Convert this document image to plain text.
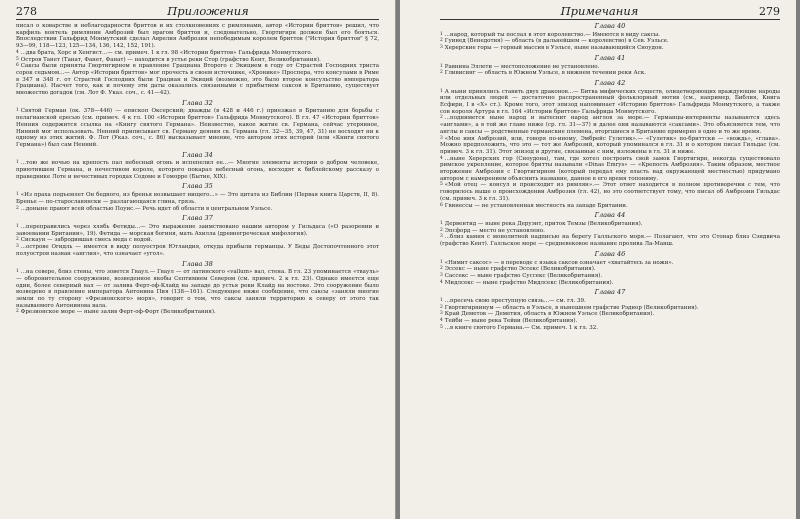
278	Приложения

писал о коварстве и неблагодарности бриттов и их столкновениях с римлянами, автор «Истории бриттов» решил, что карфиль вонтель римлянин Амброзий был врагом бриттов и, следовательно, Гвортигирн должен был его бояться. Впоследствии Гальфрид Монмутский сделал Аврелия Амброзия непобедимым королем бриттов ("История бриттов" § 72, 93—99, 118—123, 125—134, 136, 142, 152, 191).

$^4$ ...два брата, Хорс и Хенгист...— см. примеч. 1 к гл. 98 «Истории бриттов» Гальфрида Монмутского.

$^5$ Остров Танет (Танат, Фанет, Фанат) — находится в устье реки Стор (графство Кент, Великобритания).

$^6$ Саксы были приняты Гвортигирном в правление Грациана Второго с Экицием в году от Страстей Господних триста сорок седьмом...— Автор «Истории бриттов» мог прочесть в своем источнике, «Хронике» Проспера, что консулами в Риме в 347 и 348 г. от Страстей Господних были Грациан и Экиций (возможно, это было второе консульство императора Грациана). Насчет того, как и почему эти даты оказались связанными с прибытием саксов в Британию, существует множество догадок (см. Лот Ф. Указ. соч., с. 41—42).

Глава 32

$^1$ Святой Герман (ок. 378—446) — епископ Оксерский; дважды (в 428 и 446 г.) приезжал в Британию для борьбы с пелагианской ересью (см. примеч. 4 к гл. 100 «Истории бриттов» Гальфрида Монмутского). В гл. 47 «Истории бриттов» Ненния содержится ссылка на «Книгу святого Германа». Неизвестно, какое житие св. Германа, сейчас утерянное, Нинний мог использовать. Ненний приписывает св. Герману деяния св. Германа (гл. 32—35, 39, 47, 31) не восходят ни к одному из этих житий. Ф. Лот (Указ. соч., с. 86) высказывает мнение, что автором этих историй (или «Книги святого Германа») был сам Ненний.

Глава 34

$^1$ ...тою же ночью на крепость пал небесный огонь и испепелил ее...— Многие элементы истории о добром человеке, приютившем Германа, и нечестивом короле, которого покарал небесный огонь, восходят к библейскому рассказу о праведнике Лоте и нечестивых городах Содоме и Гоморре (Бытие, XIX).

Глава 35

$^1$ «Из праха подъемлет Он бедного, из бренья возвышает нищего...» — Это цитата из Библии (Первая книга Царств, II, 8). Бренье — по-старославянски — разлагающаяся глина, грязь.

$^2$ ...доныне правят всей областью Поуис.— Речь идет об области в центральном Уэльсе.

Глава 37

$^1$ ...переправились через хлябь Фетиды...— Это выражение заимствовано нашим автором у Гильдаса («О разорении и завоевании Британии», 19). Фетида — морская богиня, мать Ахилла (древнегреческая мифология).

$^2$ Сискаун — забродившая смесь меда с водой.

$^3$ ...острове Огидль — имеется в виду полуостров Ютландия, откуда прибыли германцы. У Беды Достопочтенного этот полуостров назван «англия», что означает «угол».

Глава 38

$^1$ ...на севере, близ стены, что зовется Гваул.— Гваул — от латинского «vallum» вал, стена. В гл. 23 упоминается «твауль» — оборонительное сооружение, возведенное якобы Септимием Севером (см. примеч. 2 к гл. 23). Однако имеется еще один, более северный вал — от залива Ферт-оф-Клайд на западе до устья реки Клайд на востоке. Это сооружение было возведено в правление императора Антонина Пия (138—161). Следующее ниже сообщение, что саксы «заняли многие земли по ту сторону «Фрезионского» моря», говорит о том, что саксы заняли территорию к северу от этого так называемого Антонинова вала.

$^2$ Фрезионское море — ныне залив Ферт-оф-Форт (Великобритания).

Примечания	279
Глава 40

$^1$ ...народ, который ты послал в этот королевство.— Имеются в виду саксы.

$^2$ Гуинед (Венедотия) — область (в дальнейшем — королевство) в Сев. Уэльсе.

$^3$ Херерские горы — горный массив в Уэльсе, ныне называющийся Сноудон.

Глава 41

$^1$ Равнина Эллети — местоположение не установлено.

$^2$ Гливисинг — область в Южном Уэльсе, в нижнем течении реки Аск.

Глава 42

$^1$ А ныни принялись ставить двух драконов...— Битва мифических существ, олицетворяющих враждующие народы или отдельных людей — достаточно распространенный фольклорный мотив (см., например, Библия, Книга Есфири, I в «Х» ст.). Кроме того, этот эпизод напоминает «Историю бриттов» Гальфрида Монмутского, а также сон короля Артура в гл. 164 «Истории бриттов» Гальфрида Монмутского.

$^2$ ...поднимется ныне народ и вытеснит народ англов за море.— Германцы-интервенты называются здесь «англами», а в той же главе ниже (ср. гл. 31—37) и далее они называются «саксами». Это объясняется тем, что англы и саксы — родственные германские племена, вторгшиеся в Британию примерно в одно и то же время.

$^3$ «Мое имя Амброзий, или, говоря по-иному, Эмбрейс Гулетик».— «Гулетик» по-бриттски — «вождь», «глава». Можно предположить, что это — тот же Амброзий, который упоминался в гл. 31 и о котором писал Гильдас (см. примеч. 3 к гл. 31). Этот эпизод и другие, связанные с ним, изложены в гл. 31 и ниже.

$^4$ ...ныне Херерских гор (Сноудона), там, где хотел построить свой замок Гвортигирн, некогда существовало римское укрепление, которое бритты называли «Dinas Emrys» — «Крепость Амброзия». Таким образом, местное вторжение Амброзия с Гвортигирном (который передал ему власть над окружающей местностью) придумано автором с намерением объяснить название, данное в его время топониму.

$^5$ «Мой отец — консул и происходит из римлян».— Этот ответ находится в полном противоречии с тем, что говорилось выше о происхождении Амброзия (гл. 42), но это соответствует тому, что писал об Амброзии Гильдас (см. примеч. 3 к гл. 31).

$^6$ Гвинессы — не установленная местность на западе Британии.

Глава 44

$^1$ Дервентид — ныне река Деруэнт, приток Темзы (Великобритания).

$^2$ Эпсфорд — место не установлено.

$^3$ ...близ камня с монолитной надписью на берегу Галльского моря.— Полагают, что это Стонар близ Сэндвича (графство Кент). Галльское море — средневековое название пролива Ла-Манш.

Глава 46

$^1$ «Нимит саксос» — в переводе с языка саксов означает «хватайтесь за ножи».

$^2$ Эссекс — ныне графство Эссекс (Великобритания).

$^3$ Сассекс — ныне графство Суссекс (Великобритания).

$^4$ Мидлсекс — ныне графство Мидлсекс (Великобритания).

Глава 47

$^1$ ...пресечь свою преступную связь...— см. гл. 39.

$^2$ Гвортигирнинум — область в Уэльсе, в нынешнем графстве Рэднор (Великобритания).

$^3$ Край Деметов — Деметия, область в Южном Уэльсе (Великобритания).

$^4$ Тейби — ныне река Тейви (Великобритания).

$^5$ ...в книге святого Германа.— См. примеч. 1 к гл. 32.
